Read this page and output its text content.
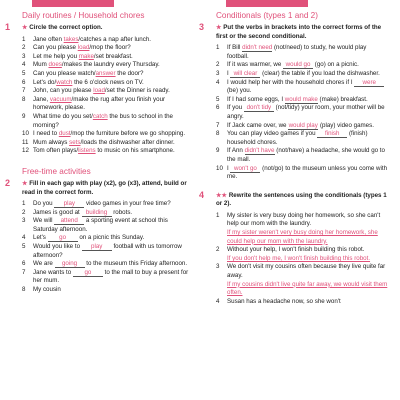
Daily routines / Household chores
1 ★ Circle the correct option.
1 Jane often takes/catches a nap after lunch.
2 Can you please load/mop the floor?
3 Let me help you make/set breakfast.
4 Mum does/makes the laundry every Thursday.
5 Can you please watch/answer the door?
6 Let's do/watch the 6 o'clock news on TV.
7 John, can you please load/set the Dinner is ready.
8 Jane, vacuum/make the rug after you finish your homework, please.
9 What time do you set/catch the bus to school in the morning?
10 I need to dust/mop the furniture before we go shopping.
11 Mum always sets/loads the dishwasher after dinner.
12 Tom often plays/listens to music on his smartphone.
Free-time activities
2 ★ Fill in each gap with play (x2), go (x3), attend, build or read in the correct form.
1 Do you play video games in your free time?
2 James is good at building robots.
3 We will attend a sporting event at school this Saturday afternoon.
4 Let's go on a picnic this Sunday.
5 Would you like to play football with us tomorrow afternoon?
6 We are going to the museum this Friday afternoon.
7 Jane wants to go to the mall to buy a present for her mum.
8 My cousin
Conditionals (types 1 and 2)
3 ★ Put the verbs in brackets into the correct forms of the first or the second conditional.
1 If Bill didn't need (not/need) to study, he would play football.
2 If it was warmer, we would go (go) on a picnic.
3 I will clear (clear) the table if you load the dishwasher.
4 I would help her with the household chores if I were (be) you.
5 If I had some eggs, I would make (make) breakfast.
6 If you don't tidy (not/tidy) your room, your mother will be angry.
7 If Jack came over, we would play (play) video games.
8 You can play video games if you finish (finish) household chores.
9 If Ann didn't have (not/have) a headache, she would go to the mall.
10 I won't go (not/go) to the museum unless you come with me.
4 ★★ Rewrite the sentences using the conditionals (types 1 or 2).
1 My sister is very busy doing her homework, so she can't help our mom with the laundry.
If my sister weren't very busy doing her homework, she could help our mom with the laundry.
2 Without your help, I won't finish building this robot.
If you don't help me, I won't finish building this robot.
3 We don't visit my cousins often because they live quite far away.
If my cousins didn't live quite far away, we would visit them often.
4 Susan has a headache now, so she won't
